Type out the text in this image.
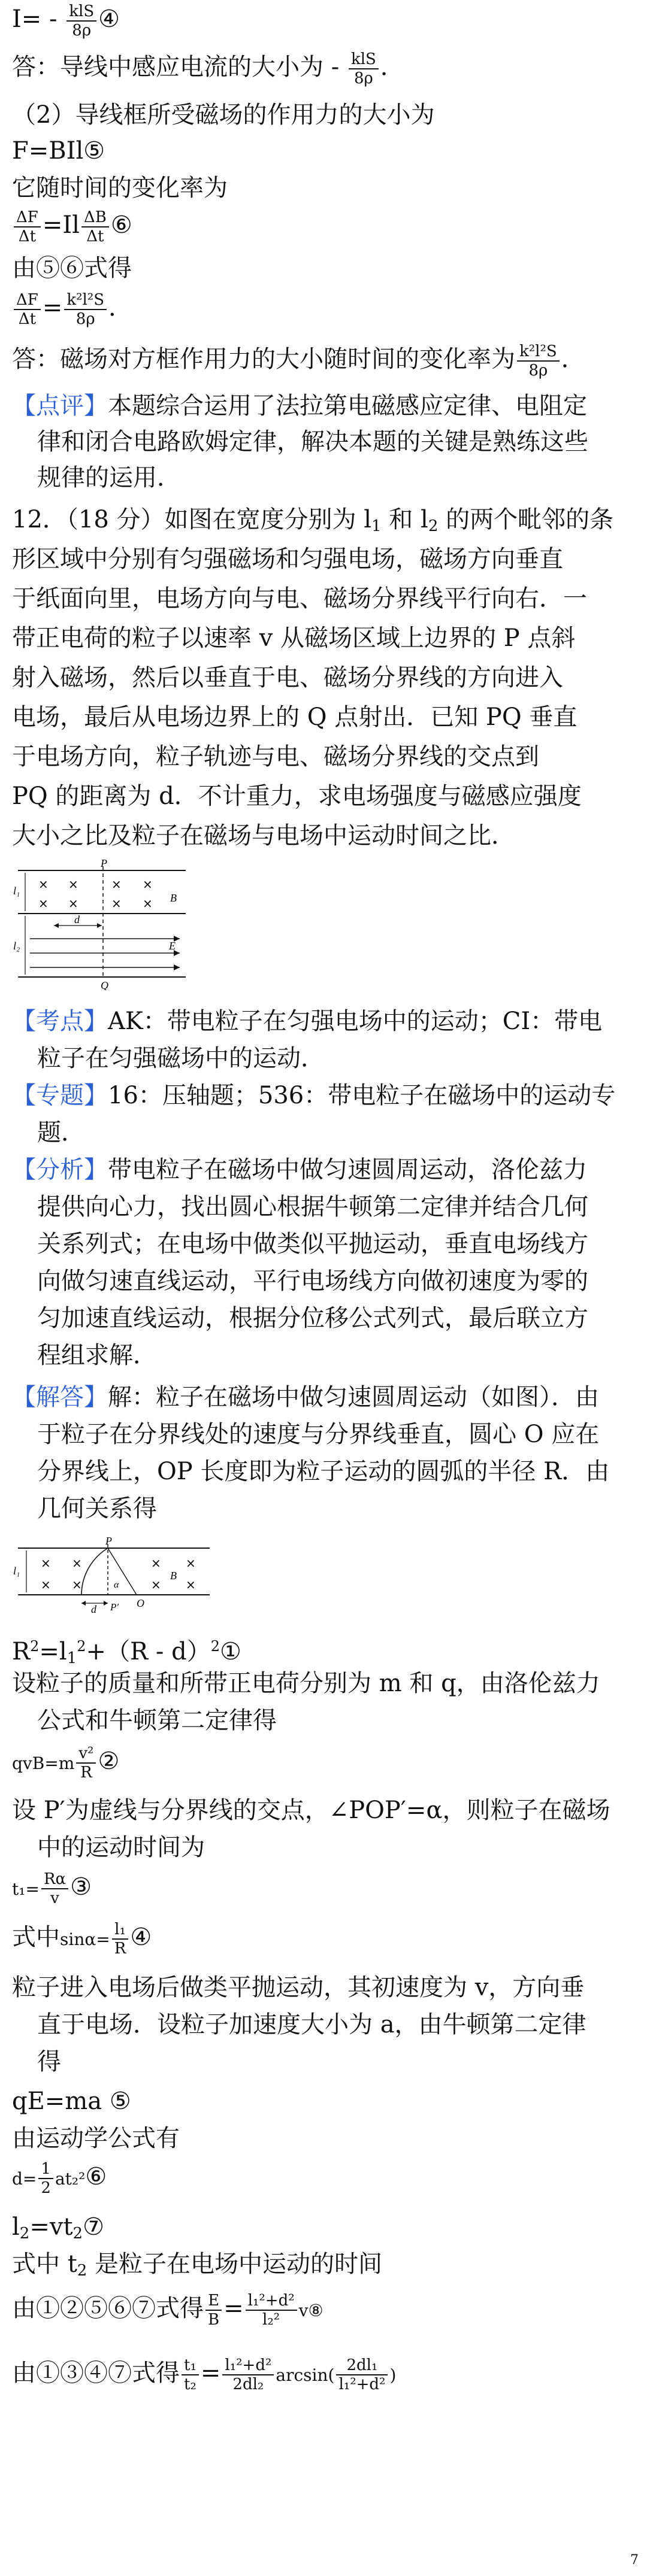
I= - klS
8ρ ④
答：导线中感应电流的大小为 - klS
8ρ ．
（2）导线框所受磁场的作用力的大小为
F=BIl⑤
它随时间的变化率为
$\frac{\Delta F}{\Delta t} =Il \frac{\Delta B}{\Delta t}$ ⑥
由⑤⑥式得
$\frac{\Delta F}{\Delta t} = \frac{\text{k²l²S}}{8\rho}$ ．
答：磁场对方框作用力的大小随时间的变化率为 $\frac{\text{k²l²S}}{8\rho}$ ．
【点评】本题综合运用了法拉第电磁感应定律、电阻定
律和闭合电路欧姆定律，解决本题的关键是熟练这些
规律的运用．
12．（18 分）如图在宽度分别为 $l_1$ 和 $l_2$ 的两个毗邻的条
形区域中分别有匀强磁场和匀强电场，磁场方向垂直
于纸面向里，电场方向与电、磁场分界线平行向右．一
带正电荷的粒子以速率 v 从磁场区域上边界的 P 点斜
射入磁场，然后以垂直于电、磁场分界线的方向进入
电场，最后从电场边界上的 Q 点射出．已知 PQ 垂直
于电场方向，粒子轨迹与电、磁场分界线的交点到
PQ 的距离为 d．不计重力，求电场强度与磁感应强度
大小之比及粒子在磁场与电场中运动时间之比．
P
l₁
l₂
× ×	× ×
× ×	× × B
d
E
Q
【考点】AK：带电粒子在匀强电场中的运动；CI：带电
粒子在匀强磁场中的运动．
【专题】16：压轴题；536：带电粒子在磁场中的运动专
题．
【分析】带电粒子在磁场中做匀速圆周运动，洛伦兹力
提供向心力，找出圆心根据牛顿第二定律并结合几何
关系列式；在电场中做类似平抛运动，垂直电场线方
向做匀速直线运动，平行电场线方向做初速度为零的
匀加速直线运动，根据分位移公式列式，最后联立方
程组求解．
【解答】解：粒子在磁场中做匀速圆周运动（如图）．由
于粒子在分界线处的速度与分界线垂直，圆心 O 应在
分界线上，OP 长度即为粒子运动的圆弧的半径 R．由
几何关系得
P
l₁
× ×	× ×
× ×	× ×
B
α
d P′ O
$R^2=l_1^2+(R$ - d）$^2$①
设粒子的质量和所带正电荷分别为 m 和 q，由洛伦兹力
公式和牛顿第二定律得
$qvB=m \frac{\text{v²}}{R}$ ②
设 P′为虚线与分界线的交点，∠POP′=α，则粒子在磁场
中的运动时间为
$t_1= \frac{R\alpha}{v}$ ③
式中$\sin\alpha= \frac{\text{l₁}}{R}$ ④
粒子进入电场后做类平抛运动，其初速度为 v，方向垂
直于电场．设粒子加速度大小为 a，由牛顿第二定律
得
qE=ma ⑤
由运动学公式有
$d= \frac{1}{2}$ at₂²⑥
$l_2=vt_2⑦$
式中 $t_2$ 是粒子在电场中运动的时间
由①②⑤⑥⑦式得 $\frac{E}{B} = \frac{\text{l₁²+d²}}{\text{l₂²}}$ v⑧
由①③④⑦式得 $\frac{\text{t₁}}{\text{t₂}} = \frac{\text{l₁²+d²}}{\text{2dl₂}} \arcsin( \frac{\text{2dl₁}}{\text{l₁²+d²}}$ )
7
